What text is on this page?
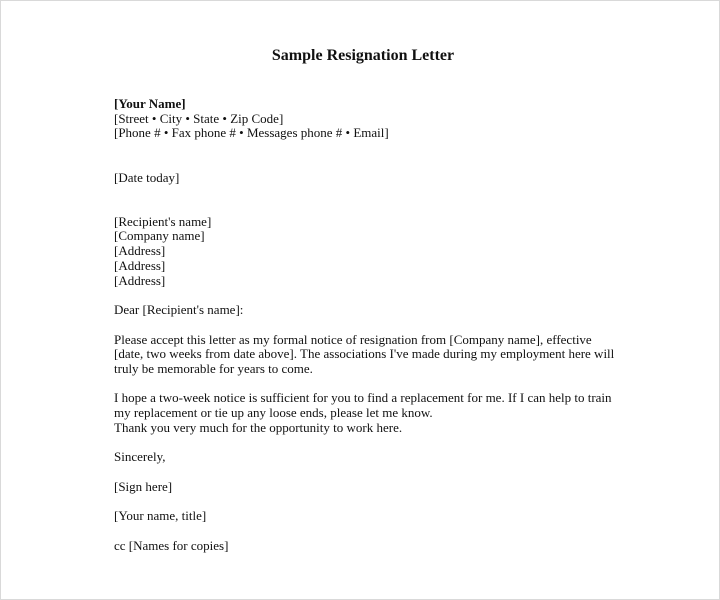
Sample Resignation Letter
[Your Name]
[Street • City • State • Zip Code]
[Phone # • Fax phone # • Messages phone # • Email]
[Date today]
[Recipient's name]
[Company name]
[Address]
[Address]
[Address]
Dear [Recipient's name]:
Please accept this letter as my formal notice of resignation from [Company name], effective
[date, two weeks from date above]. The associations I've made during my employment here will
truly be memorable for years to come.
I hope a two-week notice is sufficient for you to find a replacement for me. If I can help to train
my replacement or tie up any loose ends, please let me know.
Thank you very much for the opportunity to work here.
Sincerely,
[Sign here]
[Your name, title]
cc [Names for copies]
